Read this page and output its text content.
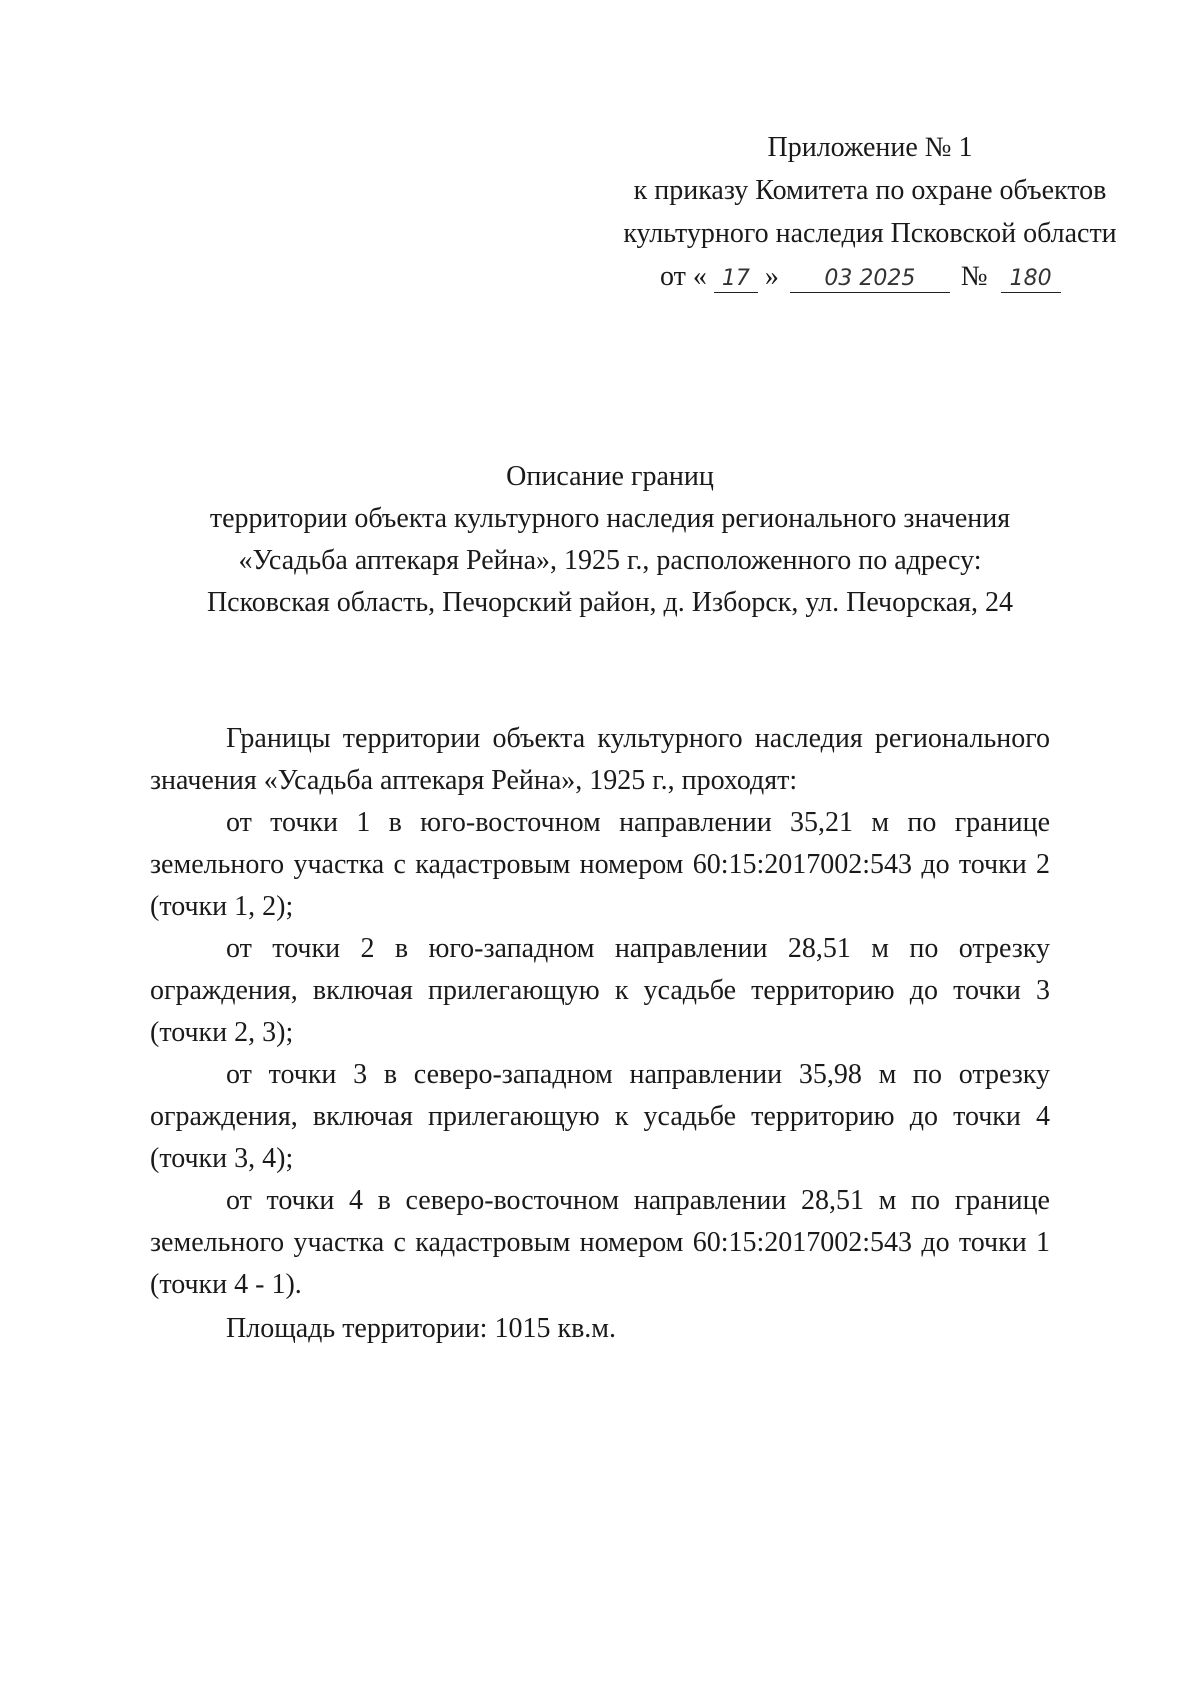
Приложение № 1
к приказу Комитета по охране объектов
культурного наследия Псковской области
от « 17 » 03 2025 № 180
Описание границ
территории объекта культурного наследия регионального значения
«Усадьба аптекаря Рейна», 1925 г., расположенного по адресу:
Псковская область, Печорский район, д. Изборск, ул. Печорская, 24

Границы территории объекта культурного наследия регионального значения «Усадьба аптекаря Рейна», 1925 г., проходят:

от точки 1 в юго-восточном направлении 35,21 м по границе земельного участка с кадастровым номером 60:15:2017002:543 до точки 2 (точки 1, 2);

от точки 2 в юго-западном направлении 28,51 м по отрезку ограждения, включая прилегающую к усадьбе территорию до точки 3 (точки 2, 3);

от точки 3 в северо-западном направлении 35,98 м по отрезку ограждения, включая прилегающую к усадьбе территорию до точки 4 (точки 3, 4);

от точки 4 в северо-восточном направлении 28,51 м по границе земельного участка с кадастровым номером 60:15:2017002:543 до точки 1 (точки 4 - 1).

Площадь территории: 1015 кв.м.
